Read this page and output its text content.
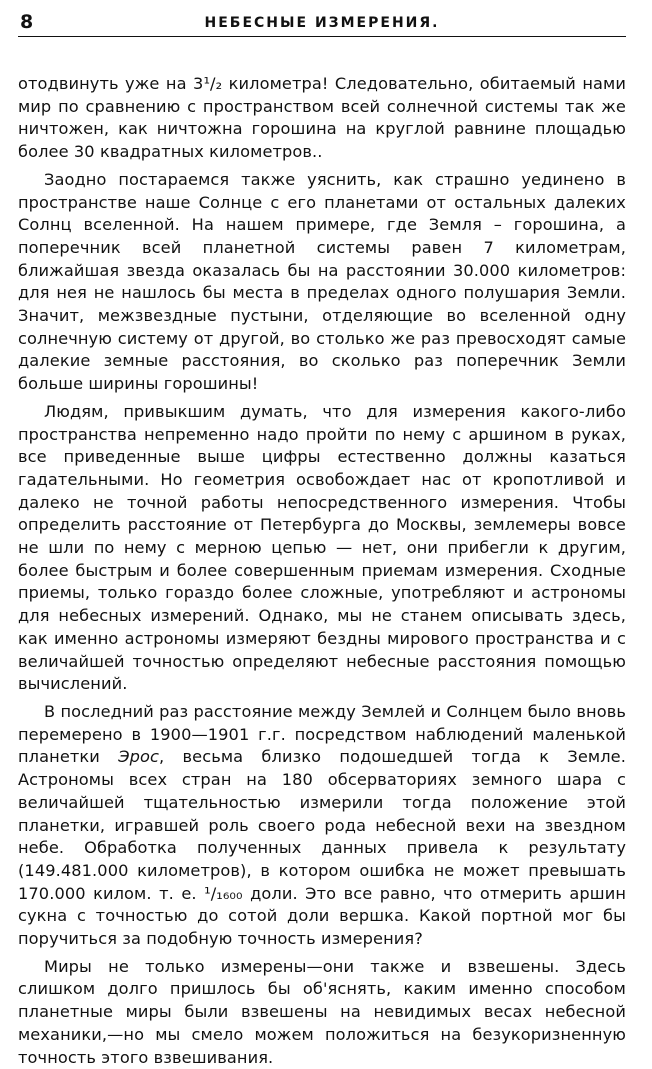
8	НЕБЕСНЫЕ ИЗМЕРЕНИЯ.

отодвинуть уже на 3¹/₂ километра! Следовательно, обитаемый нами мир по сравнению с пространством всей солнечной системы так же ничтожен, как ничтожна горошина на круглой равнине площадью более 30 квадратных километров..

Заодно постараемся также уяснить, как страшно уединено в пространстве наше Солнце с его планетами от остальных далеких Солнц вселенной. На нашем примере, где Земля – горошина, а поперечник всей планетной системы равен 7 километрам, ближайшая звезда оказалась бы на расстоянии 30.000 километров: для нея не нашлось бы места в пределах одного полушария Земли. Значит, межзвездные пустыни, отделяющие во вселенной одну солнечную систему от другой, во столько же раз превосходят самые далекие земные расстояния, во сколько раз поперечник Земли больше ширины горошины!

Людям, привыкшим думать, что для измерения какого-либо пространства непременно надо пройти по нему с аршином в руках, все приведенные выше цифры естественно должны казаться гадательными. Но геометрия освобождает нас от кропотливой и далеко не точной работы непосредственного измерения. Чтобы определить расстояние от Петербурга до Москвы, землемеры вовсе не шли по нему с мерною цепью — нет, они прибегли к другим, более быстрым и более совершенным приемам измерения. Сходные приемы, только гораздо более сложные, употребляют и астрономы для небесных измерений. Однако, мы не станем описывать здесь, как именно астрономы измеряют бездны мирового пространства и с величайшей точностью определяют небесные расстояния помощью вычислений.

В последний раз расстояние между Землей и Солнцем было вновь перемерено в 1900—1901 г.г. посредством наблюдений маленькой планетки Эрос, весьма близко подошедшей тогда к Земле. Астрономы всех стран на 180 обсерваториях земного шара с величайшей тщательностью измерили тогда положение этой планетки, игравшей роль своего рода небесной вехи на звездном небе. Обработка полученных данных привела к результату (149.481.000 километров), в котором ошибка не может превышать 170.000 килом. т. е. ¹/₁₆₀₀ доли. Это все равно, что отмерить аршин сукна с точностью до сотой доли вершка. Какой портной мог бы поручиться за подобную точность измерения?

Миры не только измерены—они также и взвешены. Здесь слишком долго пришлось бы об'яснять, каким именно способом планетные миры были взвешены на невидимых весах небесной механики,—но мы смело можем положиться на безукоризненную точность этого взвешивания.
